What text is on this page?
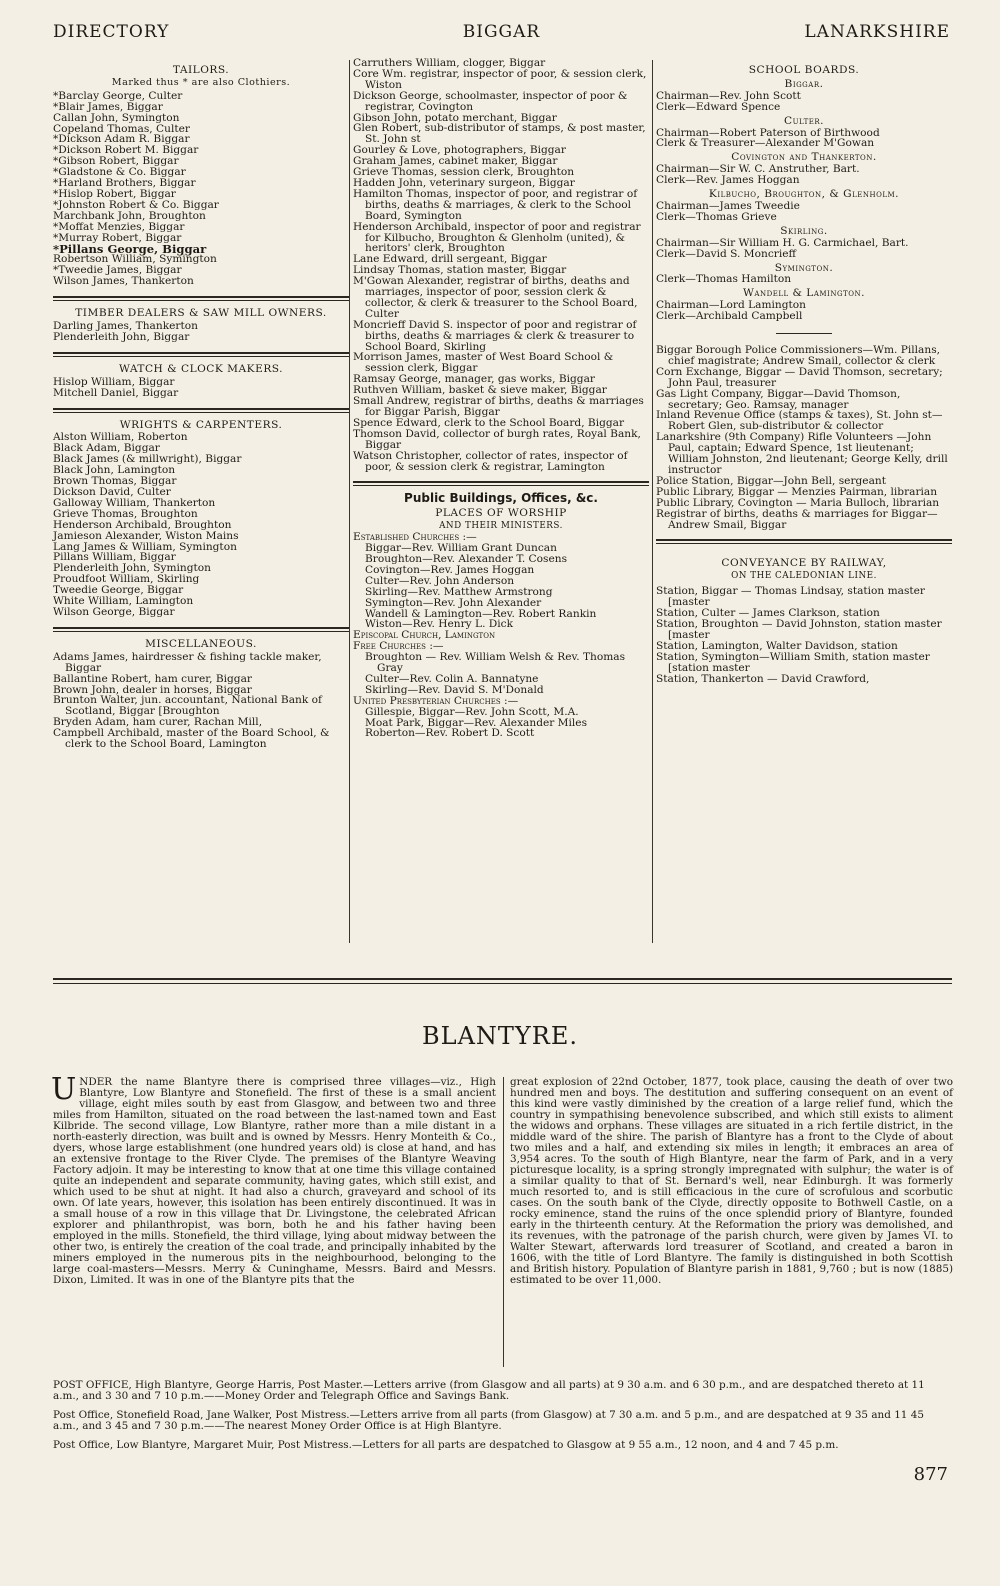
DIRECTORY	BIGGAR	LANARKSHIRE
TAILORS.
Marked thus * are also Clothiers.
*Barclay George, Culter
*Blair James, Biggar
Callan John, Symington
Copeland Thomas, Culter
*Dickson Adam R. Biggar
*Dickson Robert M. Biggar
*Gibson Robert, Biggar
*Gladstone & Co. Biggar
*Harland Brothers, Biggar
*Hislop Robert, Biggar
*Johnston Robert & Co. Biggar
Marchbank John, Broughton
*Moffat Menzies, Biggar
*Murray Robert, Biggar
*Pillans George, Biggar
Robertson William, Symington
*Tweedie James, Biggar
Wilson James, Thankerton
TIMBER DEALERS & SAW MILL OWNERS.
Darling James, Thankerton
Plenderleith John, Biggar
WATCH & CLOCK MAKERS.
Hislop William, Biggar
Mitchell Daniel, Biggar
WRIGHTS & CARPENTERS.
Alston William, Roberton
Black Adam, Biggar
Black James (& millwright), Biggar
Black John, Lamington
Brown Thomas, Biggar
Dickson David, Culter
Galloway William, Thankerton
Grieve Thomas, Broughton
Henderson Archibald, Broughton
Jamieson Alexander, Wiston Mains
Lang James & William, Symington
Pillans William, Biggar
Plenderleith John, Symington
Proudfoot William, Skirling
Tweedie George, Biggar
White William, Lamington
Wilson George, Biggar
MISCELLANEOUS.
Adams James, hairdresser & fishing tackle maker, Biggar
Ballantine Robert, ham curer, Biggar
Brown John, dealer in horses, Biggar
Brunton Walter, jun. accountant, National Bank of Scotland, Biggar [Broughton
Bryden Adam, ham curer, Rachan Mill,
Campbell Archibald, master of the Board School, & clerk to the School Board, Lamington
Carruthers William, clogger, Biggar
Core Wm. registrar, inspector of poor, & session clerk, Wiston
Dickson George, schoolmaster, inspector of poor & registrar, Covington
Gibson John, potato merchant, Biggar
Glen Robert, sub-distributor of stamps, & post master, St. John st
Gourley & Love, photographers, Biggar
Graham James, cabinet maker, Biggar
Grieve Thomas, session clerk, Broughton
Hadden John, veterinary surgeon, Biggar
Hamilton Thomas, inspector of poor, and registrar of births, deaths & marriages, & clerk to the School Board, Symington
Henderson Archibald, inspector of poor and registrar for Kilbucho, Broughton & Glenholm (united), & heritors' clerk, Broughton
Lane Edward, drill sergeant, Biggar
Lindsay Thomas, station master, Biggar
M'Gowan Alexander, registrar of births, deaths and marriages, inspector of poor, session clerk & collector, & clerk & treasurer to the School Board, Culter
Moncrieff David S. inspector of poor and registrar of births, deaths & marriages & clerk & treasurer to School Board, Skirling
Morrison James, master of West Board School & session clerk, Biggar
Ramsay George, manager, gas works, Biggar
Ruthven William, basket & sieve maker, Biggar
Small Andrew, registrar of births, deaths & marriages for Biggar Parish, Biggar
Spence Edward, clerk to the School Board, Biggar
Thomson David, collector of burgh rates, Royal Bank, Biggar
Watson Christopher, collector of rates, inspector of poor, & session clerk & registrar, Lamington
Public Buildings, Offices, &c.
PLACES OF WORSHIP
AND THEIR MINISTERS.
Established Churches :—
Biggar—Rev. William Grant Duncan
Broughton—Rev. Alexander T. Cosens
Covington—Rev. James Hoggan
Culter—Rev. John Anderson
Skirling—Rev. Matthew Armstrong
Symington—Rev. John Alexander
Wandell & Lamington—Rev. Robert Rankin
Wiston—Rev. Henry L. Dick
Episcopal Church, Lamington
Free Churches :—
Broughton — Rev. William Welsh & Rev. Thomas Gray
Culter—Rev. Colin A. Bannatyne
Skirling—Rev. David S. M'Donald
United Presbyterian Churches :—
Gillespie, Biggar—Rev. John Scott, M.A.
Moat Park, Biggar—Rev. Alexander Miles
Roberton—Rev. Robert D. Scott
SCHOOL BOARDS.
Biggar.
Chairman—Rev. John Scott
Clerk—Edward Spence
Culter.
Chairman—Robert Paterson of Birthwood
Clerk & Treasurer—Alexander M'Gowan
Covington and Thankerton.
Chairman—Sir W. C. Anstruther, Bart.
Clerk—Rev. James Hoggan
Kilbucho, Broughton, & Glenholm.
Chairman—James Tweedie
Clerk—Thomas Grieve
Skirling.
Chairman—Sir William H. G. Carmichael, Bart.
Clerk—David S. Moncrieff
Symington.
Clerk—Thomas Hamilton
Wandell & Lamington.
Chairman—Lord Lamington
Clerk—Archibald Campbell
Biggar Borough Police Commissioners—Wm. Pillans, chief magistrate; Andrew Smail, collector & clerk
Corn Exchange, Biggar — David Thomson, secretary; John Paul, treasurer
Gas Light Company, Biggar—David Thomson, secretary; Geo. Ramsay, manager
Inland Revenue Office (stamps & taxes), St. John st—Robert Glen, sub-distributor & collector
Lanarkshire (9th Company) Rifle Volunteers —John Paul, captain; Edward Spence, 1st lieutenant; William Johnston, 2nd lieutenant; George Kelly, drill instructor
Police Station, Biggar—John Bell, sergeant
Public Library, Biggar — Menzies Pairman, librarian
Public Library, Covington — Maria Bulloch, librarian
Registrar of births, deaths & marriages for Biggar—Andrew Smail, Biggar
CONVEYANCE BY RAILWAY,
ON THE CALEDONIAN LINE.
Station, Biggar — Thomas Lindsay, station master [master
Station, Culter — James Clarkson, station
Station, Broughton — David Johnston, station master [master
Station, Lamington, Walter Davidson, station
Station, Symington—William Smith, station master [station master
Station, Thankerton — David Crawford,
BLANTYRE.
UNDER the name Blantyre there is comprised three villages—viz., High Blantyre, Low Blantyre and Stonefield. The first of these is a small ancient village, eight miles south by east from Glasgow, and between two and three miles from Hamilton, situated on the road between the last-named town and East Kilbride. The second village, Low Blantyre, rather more than a mile distant in a north-easterly direction, was built and is owned by Messrs. Henry Monteith & Co., dyers, whose large establishment (one hundred years old) is close at hand, and has an extensive frontage to the River Clyde. The premises of the Blantyre Weaving Factory adjoin. It may be interesting to know that at one time this village contained quite an independent and separate community, having gates, which still exist, and which used to be shut at night. It had also a church, graveyard and school of its own. Of late years, however, this isolation has been entirely discontinued. It was in a small house of a row in this village that Dr. Livingstone, the celebrated African explorer and philanthropist, was born, both he and his father having been employed in the mills. Stonefield, the third village, lying about midway between the other two, is entirely the creation of the coal trade, and principally inhabited by the miners employed in the numerous pits in the neighbourhood, belonging to the large coal-masters—Messrs. Merry & Cuninghame, Messrs. Baird and Messrs. Dixon, Limited. It was in one of the Blantyre pits that the
great explosion of 22nd October, 1877, took place, causing the death of over two hundred men and boys. The destitution and suffering consequent on an event of this kind were vastly diminished by the creation of a large relief fund, which the country in sympathising benevolence subscribed, and which still exists to aliment the widows and orphans. These villages are situated in a rich fertile district, in the middle ward of the shire. The parish of Blantyre has a front to the Clyde of about two miles and a half, and extending six miles in length; it embraces an area of 3,954 acres. To the south of High Blantyre, near the farm of Park, and in a very picturesque locality, is a spring strongly impregnated with sulphur; the water is of a similar quality to that of St. Bernard's well, near Edinburgh. It was formerly much resorted to, and is still efficacious in the cure of scrofulous and scorbutic cases. On the south bank of the Clyde, directly opposite to Bothwell Castle, on a rocky eminence, stand the ruins of the once splendid priory of Blantyre, founded early in the thirteenth century. At the Reformation the priory was demolished, and its revenues, with the patronage of the parish church, were given by James VI. to Walter Stewart, afterwards lord treasurer of Scotland, and created a baron in 1606, with the title of Lord Blantyre. The family is distinguished in both Scottish and British history. Population of Blantyre parish in 1881, 9,760 ; but is now (1885) estimated to be over 11,000.
POST OFFICE, High Blantyre, George Harris, Post Master.—Letters arrive (from Glasgow and all parts) at 9 30 a.m. and 6 30 p.m., and are despatched thereto at 11 a.m., and 3 30 and 7 10 p.m.——Money Order and Telegraph Office and Savings Bank.
Post Office, Stonefield Road, Jane Walker, Post Mistress.—Letters arrive from all parts (from Glasgow) at 7 30 a.m. and 5 p.m., and are despatched at 9 35 and 11 45 a.m., and 3 45 and 7 30 p.m.——The nearest Money Order Office is at High Blantyre.
Post Office, Low Blantyre, Margaret Muir, Post Mistress.—Letters for all parts are despatched to Glasgow at 9 55 a.m., 12 noon, and 4 and 7 45 p.m.
877
